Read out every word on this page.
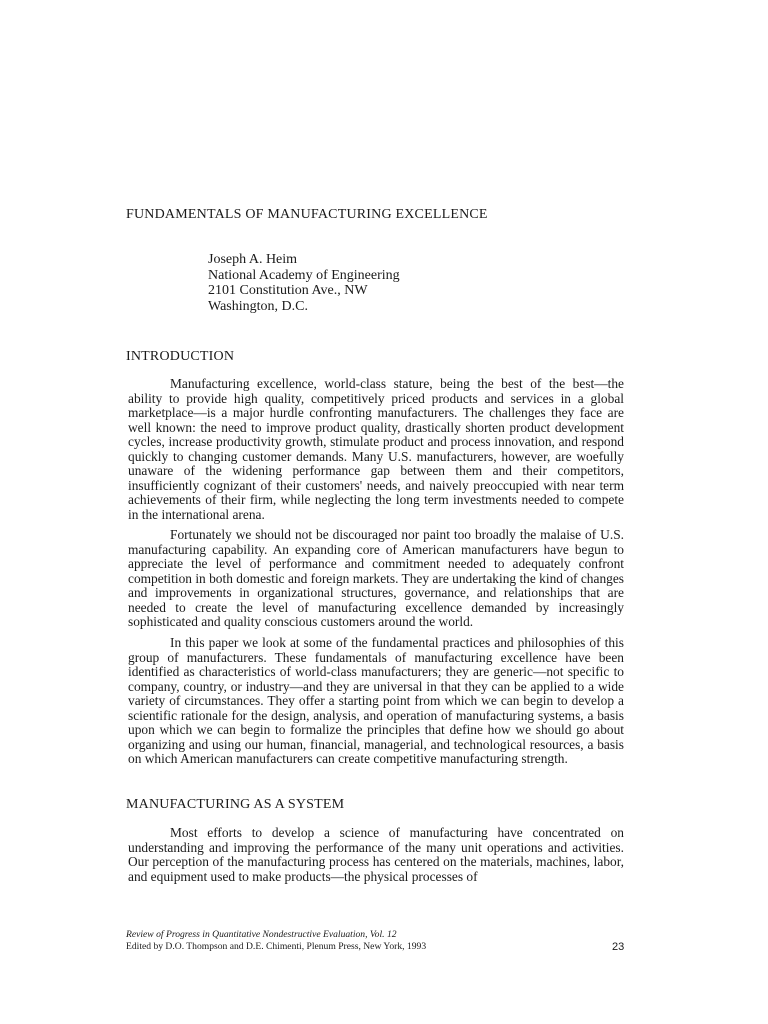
FUNDAMENTALS OF MANUFACTURING EXCELLENCE
Joseph A. Heim
National Academy of Engineering
2101 Constitution Ave., NW
Washington, D.C.
INTRODUCTION

Manufacturing excellence, world-class stature, being the best of the best—the ability to provide high quality, competitively priced products and services in a global marketplace—is a major hurdle confronting manufacturers. The challenges they face are well known: the need to improve product quality, drastically shorten product development cycles, increase productivity growth, stimulate product and process innovation, and respond quickly to changing customer demands. Many U.S. manufacturers, however, are woefully unaware of the widening performance gap between them and their competitors, insufficiently cognizant of their customers' needs, and naively preoccupied with near term achievements of their firm, while neglecting the long term investments needed to compete in the international arena.

Fortunately we should not be discouraged nor paint too broadly the malaise of U.S. manufacturing capability. An expanding core of American manufacturers have begun to appreciate the level of performance and commitment needed to adequately confront competition in both domestic and foreign markets. They are undertaking the kind of changes and improvements in organizational structures, governance, and relationships that are needed to create the level of manufacturing excellence demanded by increasingly sophisticated and quality conscious customers around the world.

In this paper we look at some of the fundamental practices and philosophies of this group of manufacturers. These fundamentals of manufacturing excellence have been identified as characteristics of world-class manufacturers; they are generic—not specific to company, country, or industry—and they are universal in that they can be applied to a wide variety of circumstances. They offer a starting point from which we can begin to develop a scientific rationale for the design, analysis, and operation of manufacturing systems, a basis upon which we can begin to formalize the principles that define how we should go about organizing and using our human, financial, managerial, and technological resources, a basis on which American manufacturers can create competitive manufacturing strength.

MANUFACTURING AS A SYSTEM

Most efforts to develop a science of manufacturing have concentrated on understanding and improving the performance of the many unit operations and activities. Our perception of the manufacturing process has centered on the materials, machines, labor, and equipment used to make products—the physical processes of

Review of Progress in Quantitative Nondestructive Evaluation, Vol. 12
Edited by D.O. Thompson and D.E. Chimenti, Plenum Press, New York, 1993	23
